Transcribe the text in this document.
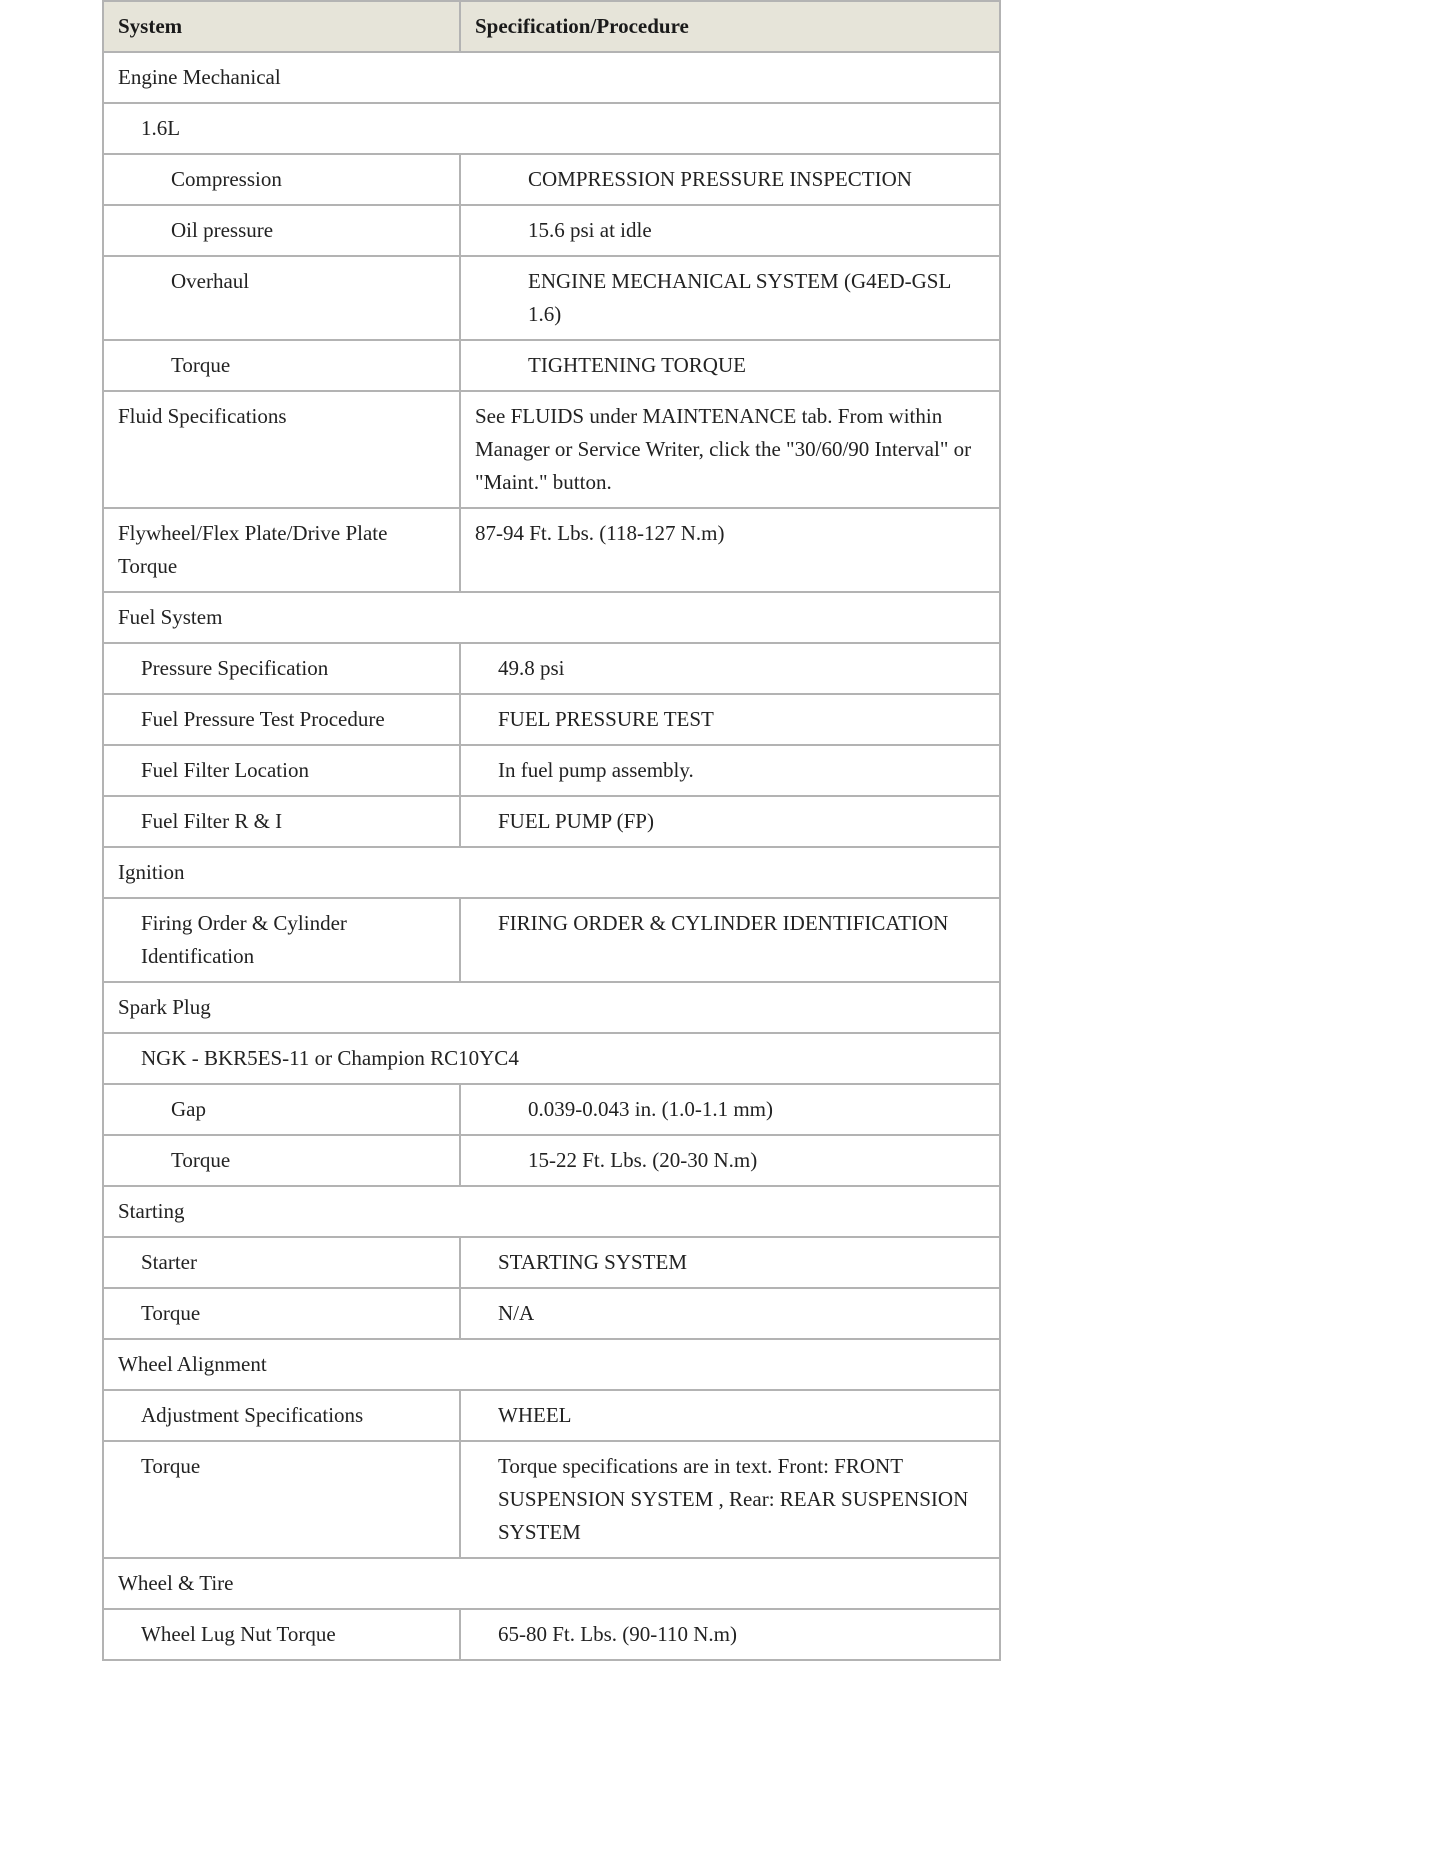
System	Specification/Procedure
Engine Mechanical	
1.6L	
Compression	COMPRESSION PRESSURE INSPECTION
Oil pressure	15.6 psi at idle
Overhaul	ENGINE MECHANICAL SYSTEM (G4ED-GSL 1.6)
Torque	TIGHTENING TORQUE
Fluid Specifications	See FLUIDS under MAINTENANCE tab. From within Manager or Service Writer, click the "30/60/90 Interval" or "Maint." button.
Flywheel/Flex Plate/Drive Plate Torque	87-94 Ft. Lbs. (118-127 N.m)
Fuel System	
Pressure Specification	49.8 psi
Fuel Pressure Test Procedure	FUEL PRESSURE TEST
Fuel Filter Location	In fuel pump assembly.
Fuel Filter R & I	FUEL PUMP (FP)
Ignition	
Firing Order & Cylinder Identification	FIRING ORDER & CYLINDER IDENTIFICATION
Spark Plug	
NGK - BKR5ES-11 or Champion RC10YC4	
Gap	0.039-0.043 in. (1.0-1.1 mm)
Torque	15-22 Ft. Lbs. (20-30 N.m)
Starting	
Starter	STARTING SYSTEM
Torque	N/A
Wheel Alignment	
Adjustment Specifications	WHEEL
Torque	Torque specifications are in text. Front: FRONT SUSPENSION SYSTEM , Rear: REAR SUSPENSION SYSTEM
Wheel & Tire	
Wheel Lug Nut Torque	65-80 Ft. Lbs. (90-110 N.m)
